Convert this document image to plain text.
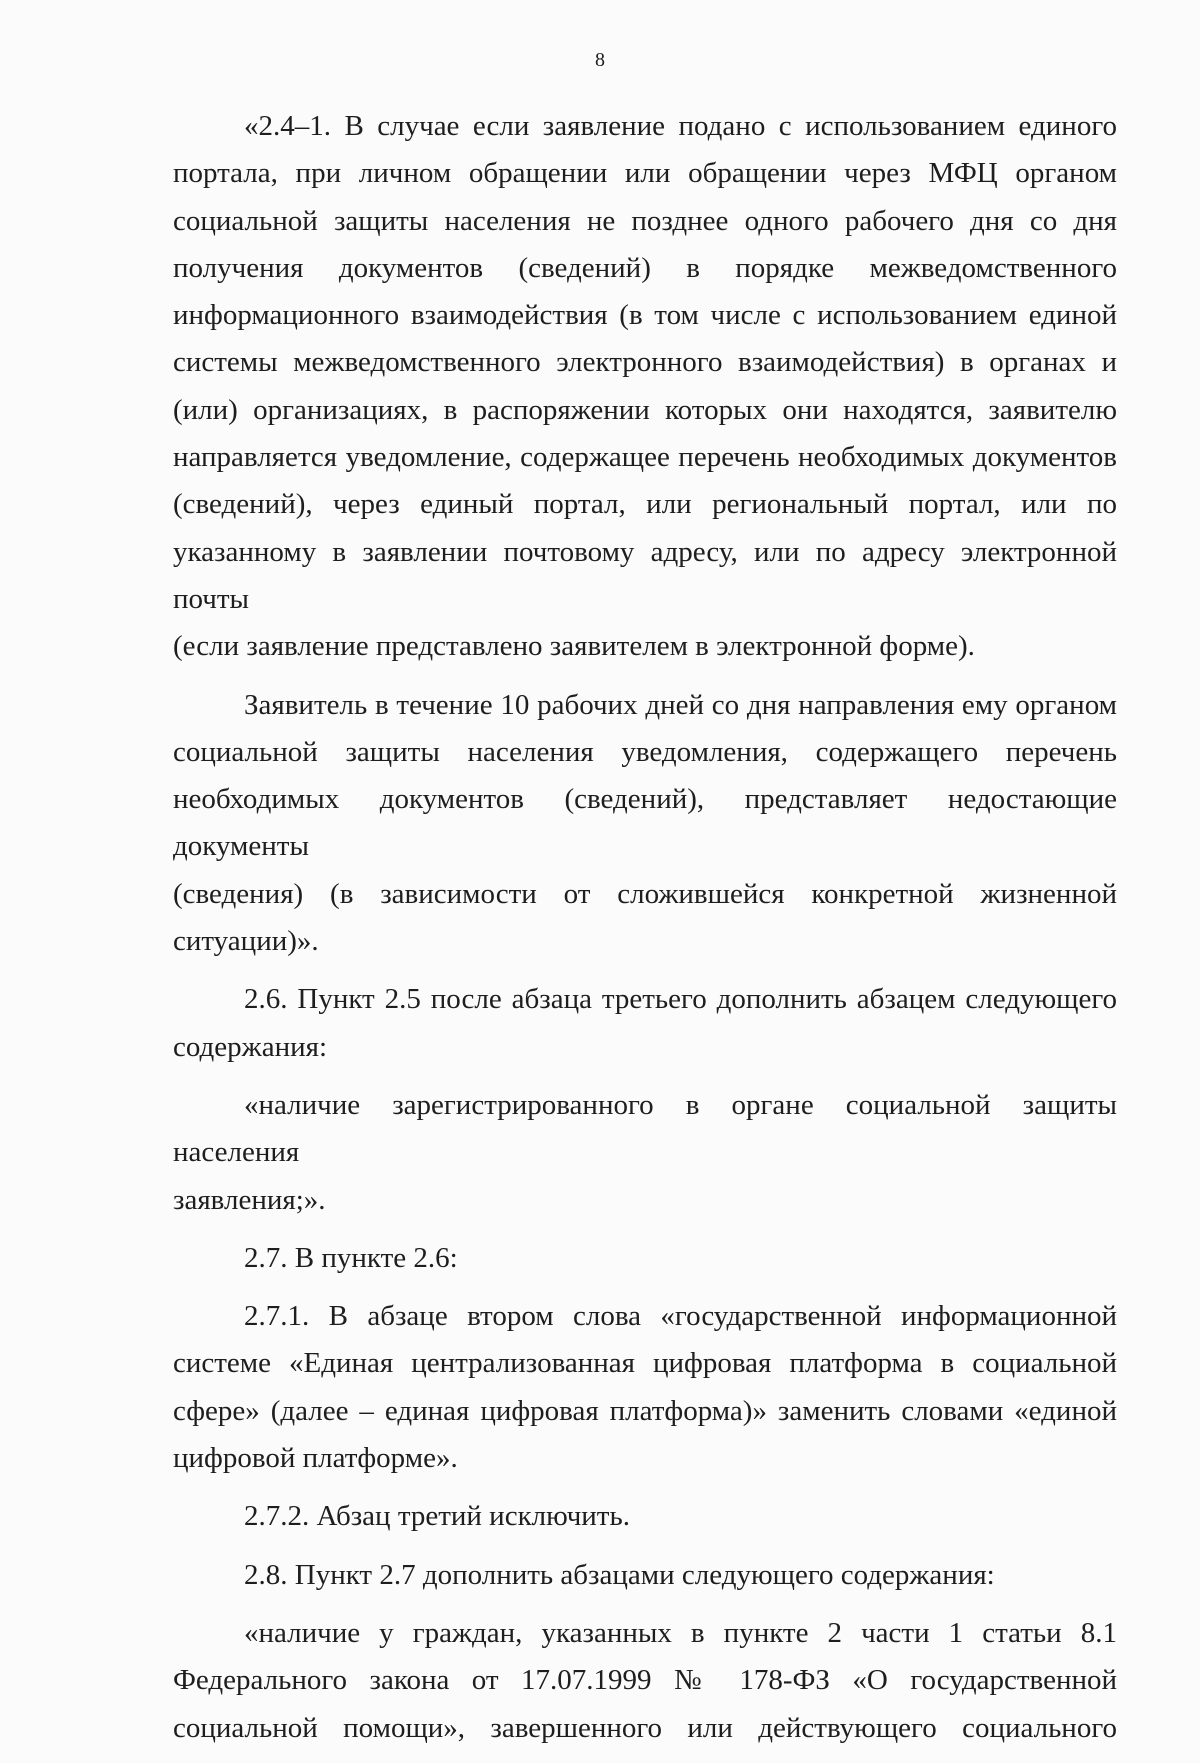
8

«2.4–1. В случае если заявление подано с использованием единого
портала, при личном обращении или обращении через МФЦ органом
социальной защиты населения не позднее одного рабочего дня со дня
получения документов (сведений) в порядке межведомственного
информационного взаимодействия (в том числе с использованием единой
системы межведомственного электронного взаимодействия) в органах и
(или) организациях, в распоряжении которых они находятся, заявителю
направляется уведомление, содержащее перечень необходимых документов
(сведений), через единый портал, или региональный портал, или по
указанному в заявлении почтовому адресу, или по адресу электронной почты
(если заявление представлено заявителем в электронной форме).

Заявитель в течение 10 рабочих дней со дня направления ему органом
социальной защиты населения уведомления, содержащего перечень
необходимых документов (сведений), представляет недостающие документы
(сведения) (в зависимости от сложившейся конкретной жизненной
ситуации)».

2.6. Пункт 2.5 после абзаца третьего дополнить абзацем следующего
содержания:

«наличие зарегистрированного в органе социальной защиты населения
заявления;».

2.7. В пункте 2.6:

2.7.1. В абзаце втором слова «государственной информационной
системе «Единая централизованная цифровая платформа в социальной
сфере» (далее – единая цифровая платформа)» заменить словами «единой
цифровой платформе».

2.7.2. Абзац третий исключить.

2.8. Пункт 2.7 дополнить абзацами следующего содержания:

«наличие у граждан, указанных в пункте 2 части 1 статьи 8.1
Федерального закона от 17.07.1999 № 178-ФЗ «О государственной
социальной помощи», завершенного или действующего социального
